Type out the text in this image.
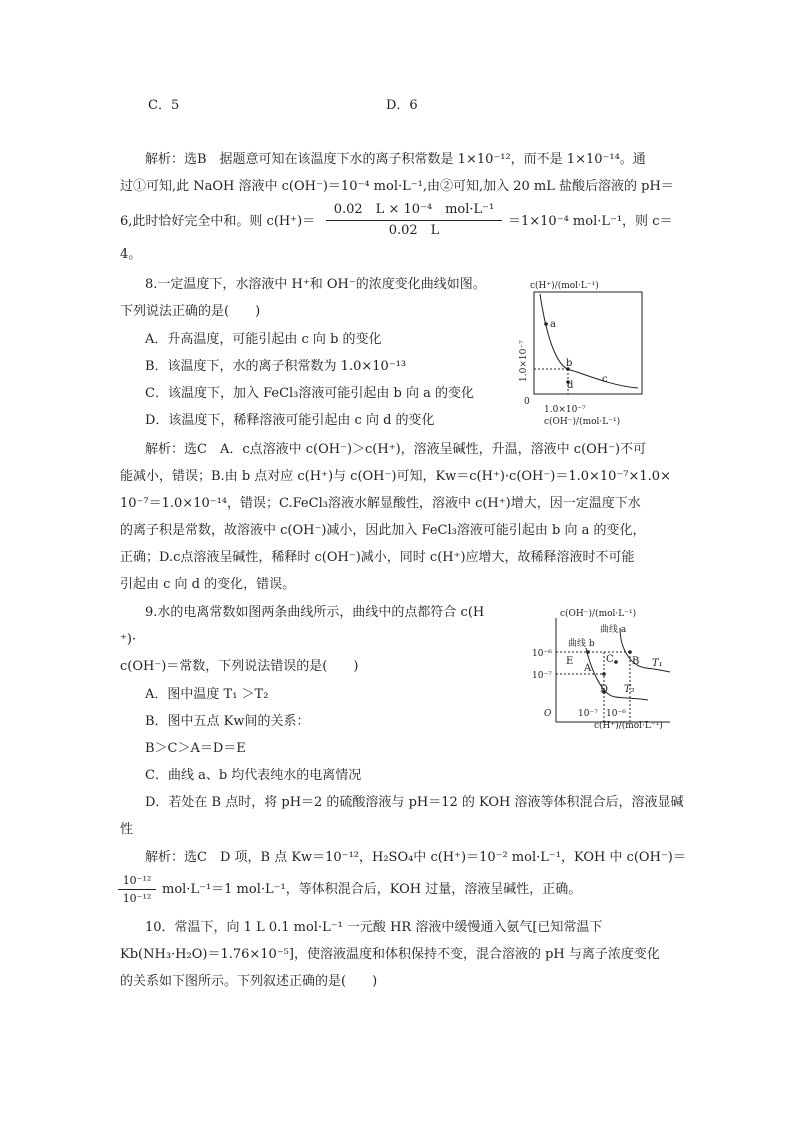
C．5	D．6
解析：选B　据题意可知在该温度下水的离子积常数是 1×10⁻¹²，而不是 1×10⁻¹⁴。通
过①可知,此 NaOH 溶液中 c(OH⁻)＝10⁻⁴ mol·L⁻¹,由②可知,加入 20 mL 盐酸后溶液的 pH＝
6,此时恰好完全中和。则 c(H⁺)＝
0.02　L × 10⁻⁴　mol·L⁻¹
0.02　L
＝1×10⁻⁴ mol·L⁻¹，则 c＝
4。
8.一定温度下，水溶液中 H⁺和 OH⁻的浓度变化曲线如图。
下列说法正确的是(　　)
A．升高温度，可能引起由 c 向 b 的变化
B．该温度下，水的离子积常数为 1.0×10⁻¹³
C．该温度下，加入 FeCl₃溶液可能引起由 b 向 a 的变化
D．该温度下，稀释溶液可能引起由 c 向 d 的变化
c(H⁺)/(mol·L⁻¹)
a
b
c
d
1.0×10⁻⁷
0
1.0×10⁻⁷
c(OH⁻)/(mol·L⁻¹)
解析：选C　A．c点溶液中 c(OH⁻)＞c(H⁺)，溶液呈碱性，升温，溶液中 c(OH⁻)不可
能减小，错误；B.由 b 点对应 c(H⁺)与 c(OH⁻)可知，Kw＝c(H⁺)·c(OH⁻)＝1.0×10⁻⁷×1.0×
10⁻⁷＝1.0×10⁻¹⁴，错误；C.FeCl₃溶液水解显酸性，溶液中 c(H⁺)增大，因一定温度下水
的离子积是常数，故溶液中 c(OH⁻)减小，因此加入 FeCl₃溶液可能引起由 b 向 a 的变化，
正确；D.c点溶液呈碱性，稀释时 c(OH⁻)减小，同时 c(H⁺)应增大，故稀释溶液时不可能
引起由 c 向 d 的变化，错误。
9.水的电离常数如图两条曲线所示，曲线中的点都符合 c(H
⁺)·
c(OH⁻)＝常数，下列说法错误的是(　　)
A．图中温度 T₁ ＞T₂
B．图中五点 Kw间的关系：
B＞C＞A＝D＝E
C．曲线 a、b 均代表纯水的电离情况
D．若处在 B 点时，将 pH＝2 的硫酸溶液与 pH＝12 的 KOH 溶液等体积混合后，溶液显碱
性
c(OH⁻)/(mol·L⁻¹)
E
A
C B
D
曲线 b
曲线 a
T₁
T₂
10⁻⁶
10⁻⁷
O	10⁻⁷ 10⁻⁶
c(H⁺)/(mol·L⁻¹)
解析：选C　D 项，B 点 Kw＝10⁻¹²，H₂SO₄中 c(H⁺)＝10⁻² mol·L⁻¹，KOH 中 c(OH⁻)＝
$\frac{\text{10⁻¹²}}{\text{10⁻¹²}} mol\cdot L^{-1}=1$ mol·L⁻¹，等体积混合后，KOH 过量，溶液呈碱性，正确。
10．常温下，向 1 L 0.1 mol·L⁻¹ 一元酸 HR 溶液中缓慢通入氨气[已知常温下
Kb(NH₃·H₂O)＝1.76×10⁻⁵]，使溶液温度和体积保持不变，混合溶液的 pH 与离子浓度变化
的关系如下图所示。下列叙述正确的是(　　)
